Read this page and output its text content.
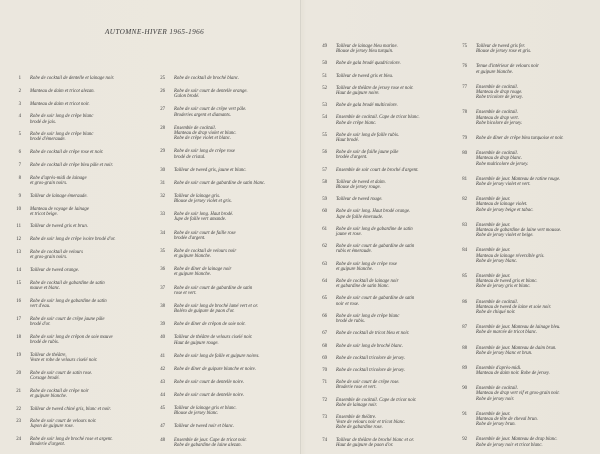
AUTOMNE-HIVER 1965-1966
1 Robe de cocktail de dentelle et lainage noir.
2 Manteau de daim et tricot alezan.
3 Manteau de daim et tricot noir.
4 Robe de soir long de crêpe blanc
brodé de jais.
5 Robe de soir long de crêpe blanc
brodé d'émeraude.
6 Robe de cocktail de crêpe rose et noir.
7 Robe de cocktail de crêpe bleu pâle et noir.
8 Robe d'après-midi de lainage
et gros-grain noirs.
9 Tailleur de lainage émeraude.
10 Manteau de voyage de lainage
et tricot beige.
11 Tailleur de tweed gris et brun.
12 Robe de soir long de crêpe ivoire brodé d'or.
13 Robe de cocktail de velours
et gros-grain noirs.
14 Tailleur de tweed orange.
15 Robe de cocktail de gabardine de satin
mauve et blanc.
16 Robe de soir long de gabardine de satin
vert d'eau.
17 Robe de soir court de crêpe jaune pâle
brodé d'or.
18 Robe de soir long de crêpon de soie mauve
brodé de rubis.
19 Tailleur de théâtre,
Veste et robe de velours ciselé noir.
20 Robe de soir court de satin rose.
Corsage brodé.
21 Robe de cocktail de crêpe noir
et guipure blanche.
22 Tailleur de tweed chiné gris, blanc et noir.
23 Robe de soir court de velours noir.
Jupon de guipure rose.
24 Robe de soir long de broché rose et argent.
Broderie d'argent.
25 Robe de cocktail de broché blanc.
26 Robe de soir court de dentelle orange.
Galon brodé.
27 Robe de soir court de crêpe vert pâle.
Broderies argent et diamants.
28 Ensemble de cocktail.
Manteau de drap violet et blanc.
Robe de crêpe violet et blanc.
29 Robe de soir long de crêpe rose
brodé de cristal.
30 Tailleur de tweed gris, jaune et blanc.
31 Robe de soir court de gabardine de satin blanc.
32 Tailleur de lainage gris.
Blouse de jersey violet et gris.
33 Robe de soir long. Haut brodé.
Jupe de faille vert amande.
34 Robe de soir court de faille rose
brodée d'argent.
35 Robe de cocktail de velours noir
et guipure blanche.
36 Robe de dîner de lainage noir
et guipure blanche.
37 Robe de soir court de gabardine de satin
rose et vert.
38 Robe de soir long de broché lamé vert et or.
Boléro de guipure de paon d'or.
39 Robe de dîner de crêpon de soie noir.
40 Tailleur de théâtre de velours ciselé noir.
Haut de guipure rouge.
41 Robe de soir long de faille et guipure noires.
42 Robe de dîner de guipure blanche et noire.
43 Robe de soir court de dentelle noire.
44 Robe de soir court de dentelle noire.
45 Tailleur de lainage gris et blanc.
Blouse de jersey blanc.
47 Tailleur de tweed noir et blanc.
48 Ensemble de jour. Cape de tricot noir.
Robe de gabardine de laine alezan.
49 Tailleur de lainage bleu marine.
Blouse de jersey bleu turquin.
50 Robe de gala brodé quadricolore.
51 Tailleur de tweed gris et bleu.
52 Tailleur de théâtre de jersey rose et noir.
Haut de guipure noire.
53 Robe de gala brodé multicolore.
54 Ensemble de cocktail. Cape de tricot blanc.
Robe de crêpe blanc.
55 Robe de soir long de faille rubis.
Haut brodé.
56 Robe de soir de faille jaune pâle
brodée d'argent.
57 Ensemble de soir court de broché d'argent.
58 Tailleur de tweed et daim.
Blouse de jersey rouge.
59 Tailleur de tweed rouge.
60 Robe de soir long. Haut brodé orange.
Jupe de faille émeraude.
61 Robe de soir long de gabardine de satin
jaune et rose.
62 Robe de soir court de gabardine de satin
rubis et émeraude.
63 Robe de soir long de crêpe rose
et guipure blanche.
64 Robe de cocktail de lainage noir
et gabardine de satin blanc.
65 Robe de soir court de gabardine de satin
noir et rose.
66 Robe de soir long de crêpe blanc
brodé de rubis.
67 Robe de cocktail de tricot bleu et noir.
68 Robe de soir long de broché blanc.
69 Robe de cocktail tricolore de jersey.
70 Robe de cocktail tricolore de jersey.
71 Robe de soir court de crêpe rose.
Broderie rose et vert.
72 Ensemble de cocktail. Cape de tricot noir.
Robe de lainage noir.
73 Ensemble de théâtre.
Veste de velours noir et tricot blanc.
Robe de gabardine rose.
74 Tailleur de théâtre de broché blanc et or.
Haut de guipure de paon d'or.
75 Tailleur de tweed gris fer.
Blouse de jersey rose et gris.
76 Tenue d'intérieur de velours noir
et guipure blanche.
77 Ensemble de cocktail.
Manteau de drap rouge.
Robe tricolore de jersey.
78 Ensemble de cocktail.
Manteau de drap vert.
Robe bicolore de jersey.
79 Robe de dîner de crêpe bleu turquoise et noir.
80 Ensemble de cocktail.
Manteau de drap blanc.
Robe multicolore de jersey.
81 Ensemble de jour. Manteau de ratine rouge.
Robe de jersey violet et vert.
82 Ensemble de jour.
Manteau de lainage violet.
Robe de jersey beige et tabac.
83 Ensemble de jour.
Manteau de gabardine de laine vert mousse.
Robe de jersey violet et beige.
84 Ensemble de jour.
Manteau de lainage réversible gris.
Robe de jersey blanc.
85 Ensemble de jour.
Manteau de tweed gris et blanc.
Robe de jersey gris et blanc.
86 Ensemble de cocktail.
Manteau de tweed de laine et soie noir.
Robe de chiqué noir.
87 Ensemble de jour. Manteau de lainage bleu.
Robe de marcée de tricot blanc.
88 Ensemble de jour. Manteau de daim brun.
Robe de jersey blanc et brun.
89 Ensemble d'après-midi.
Manteau de daim noir. Robe de jersey.
90 Ensemble de cocktail.
Manteau de drap vert vif et gros-grain noir.
Robe de jersey noir.
91 Ensemble de jour.
Manteau de tête de cheval brun.
Robe de jersey brun.
92 Ensemble de jour. Manteau de drap blanc.
Robe de jersey noir et tricot blanc.
